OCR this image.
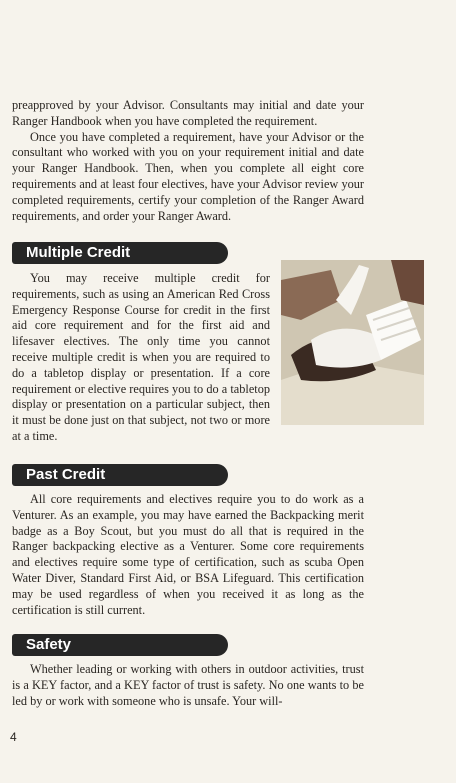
preapproved by your Advisor. Consultants may initial and date your Ranger Handbook when you have completed the requirement.

Once you have completed a requirement, have your Advisor or the consultant who worked with you on your requirement initial and date your Ranger Handbook. Then, when you complete all eight core requirements and at least four electives, have your Advisor review your completed requirements, certify your completion of the Ranger Award requirements, and order your Ranger Award.

Multiple Credit

You may receive multiple credit for requirements, such as using an American Red Cross Emergency Response Course for credit in the first aid core requirement and for the first aid and lifesaver electives. The only time you cannot receive multiple credit is when you are required to do a tabletop display or presentation. If a core requirement or elective requires you to do a tabletop display or presentation on a particular subject, then it must be done just on that subject, not two or more at a time.

Past Credit

All core requirements and electives require you to do work as a Venturer. As an example, you may have earned the Backpacking merit badge as a Boy Scout, but you must do all that is required in the Ranger backpacking elective as a Venturer. Some core requirements and electives require some type of certification, such as scuba Open Water Diver, Standard First Aid, or BSA Lifeguard. This certification may be used regardless of when you received it as long as the certification is still current.

Safety

Whether leading or working with others in outdoor activities, trust is a KEY factor, and a KEY factor of trust is safety. No one wants to be led by or work with someone who is unsafe. Your will-

4
